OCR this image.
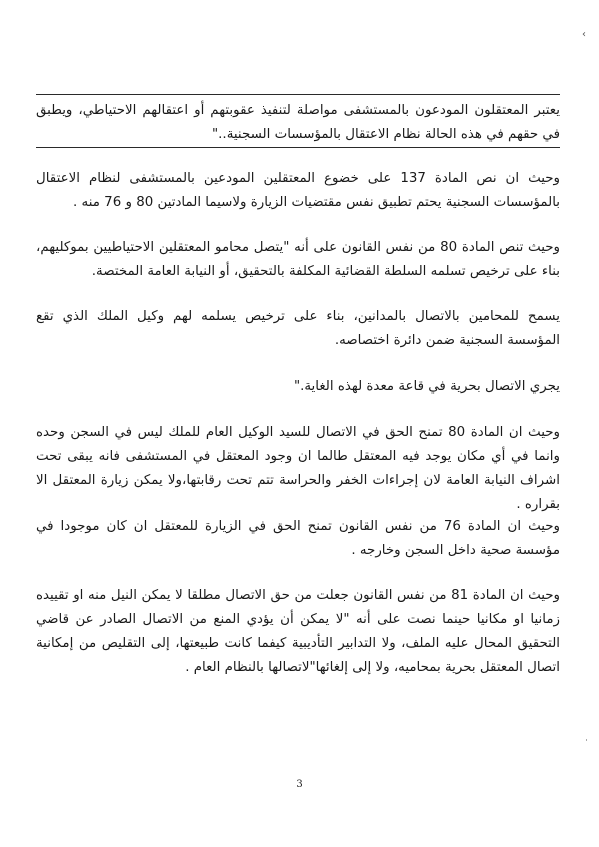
›
˙

يعتبر المعتقلون المودعون بالمستشفى مواصلة لتنفيذ عقوبتهم أو اعتقالهم الاحتياطي، ويطبق في حقهم في هذه الحالة نظام الاعتقال بالمؤسسات السجنية.."

وحيث ان نص المادة 137 على خضوع المعتقلين المودعين بالمستشفى لنظام الاعتقال بالمؤسسات السجنية يحتم تطبيق نفس مقتضيات الزيارة ولاسيما المادتين 80 و 76 منه .

وحيث تنص المادة 80 من نفس القانون على أنه "يتصل محامو المعتقلين الاحتياطيين بموكليهم، بناء على ترخيص تسلمه السلطة القضائية المكلفة بالتحقيق، أو النيابة العامة المختصة.

يسمح للمحامين بالاتصال بالمدانين، بناء على ترخيص يسلمه لهم وكيل الملك الذي تقع المؤسسة السجنية ضمن دائرة اختصاصه.

يجري الاتصال بحرية في قاعة معدة لهذه الغاية."

وحيث ان المادة 80 تمنح الحق في الاتصال للسيد الوكيل العام للملك ليس في السجن وحده وانما في أي مكان يوجد فيه المعتقل طالما ان وجود المعتقل في المستشفى فانه يبقى تحت اشراف النيابة العامة لان إجراءات الخفر والحراسة تتم تحت رقابتها،ولا يمكن زيارة المعتقل الا بقراره .

وحيث ان المادة 76 من نفس القانون تمنح الحق في الزيارة للمعتقل ان كان موجودا في مؤسسة صحية داخل السجن وخارجه .

وحيث ان المادة 81 من نفس القانون جعلت من حق الاتصال مطلقا لا يمكن النيل منه او تقييده زمانيا او مكانيا حينما نصت على أنه "لا يمكن أن يؤدي المنع من الاتصال الصادر عن قاضي التحقيق المحال عليه الملف، ولا التدابير التأديبية كيفما كانت طبيعتها، إلى التقليص من إمكانية اتصال المعتقل بحرية بمحاميه، ولا إلى إلغائها"لاتصالها بالنظام العام .

3
